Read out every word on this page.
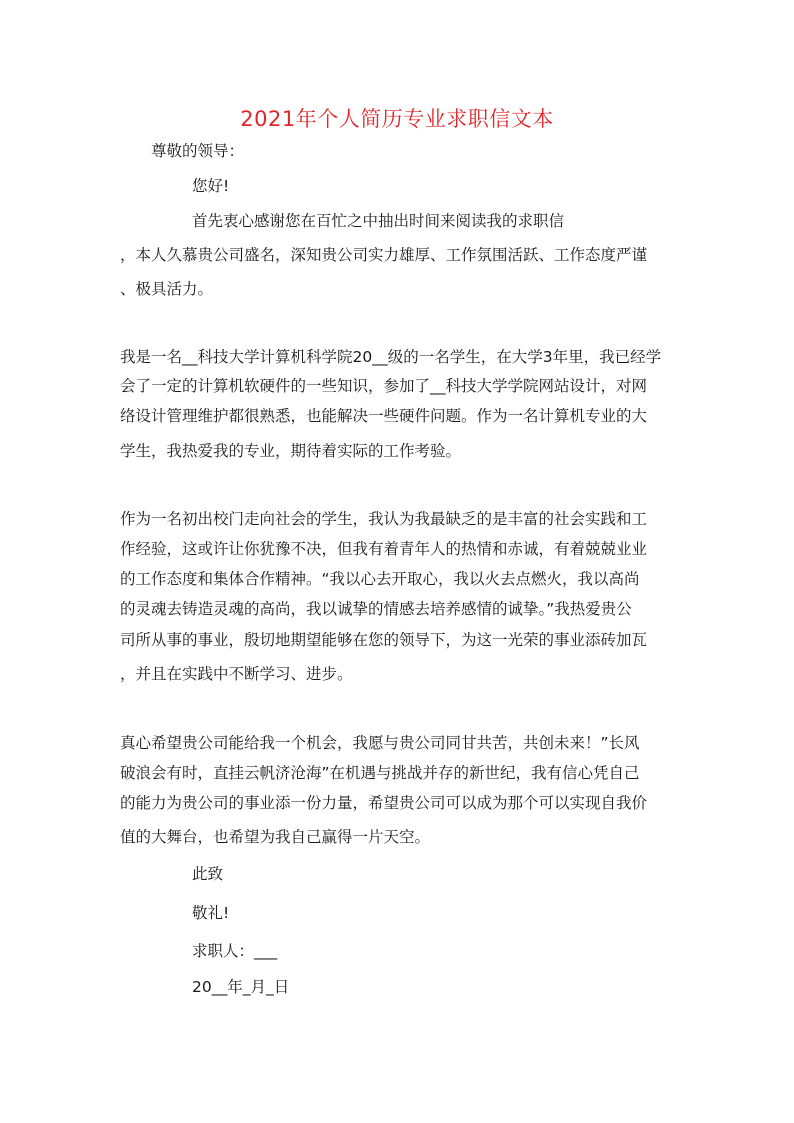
2021年个人简历专业求职信文本
尊敬的领导：
您好!
首先衷心感谢您在百忙之中抽出时间来阅读我的求职信
，本人久慕贵公司盛名，深知贵公司实力雄厚、工作氛围活跃、工作态度严谨
、极具活力。
我是一名__科技大学计算机科学院20__级的一名学生，在大学3年里，我已经学
会了一定的计算机软硬件的一些知识，参加了__科技大学学院网站设计，对网
络设计管理维护都很熟悉，也能解决一些硬件问题。作为一名计算机专业的大
学生，我热爱我的专业，期待着实际的工作考验。
作为一名初出校门走向社会的学生，我认为我最缺乏的是丰富的社会实践和工
作经验，这或许让你犹豫不决，但我有着青年人的热情和赤诚，有着兢兢业业
的工作态度和集体合作精神。“我以心去开取心，我以火去点燃火，我以高尚
的灵魂去铸造灵魂的高尚，我以诚挚的情感去培养感情的诚挚。”我热爱贵公
司所从事的事业，殷切地期望能够在您的领导下，为这一光荣的事业添砖加瓦
，并且在实践中不断学习、进步。
真心希望贵公司能给我一个机会，我愿与贵公司同甘共苦，共创未来！”长风
破浪会有时，直挂云帆济沧海”在机遇与挑战并存的新世纪，我有信心凭自己
的能力为贵公司的事业添一份力量，希望贵公司可以成为那个可以实现自我价
值的大舞台，也希望为我自己赢得一片天空。
此致
敬礼!
求职人：___
20__年_月_日
